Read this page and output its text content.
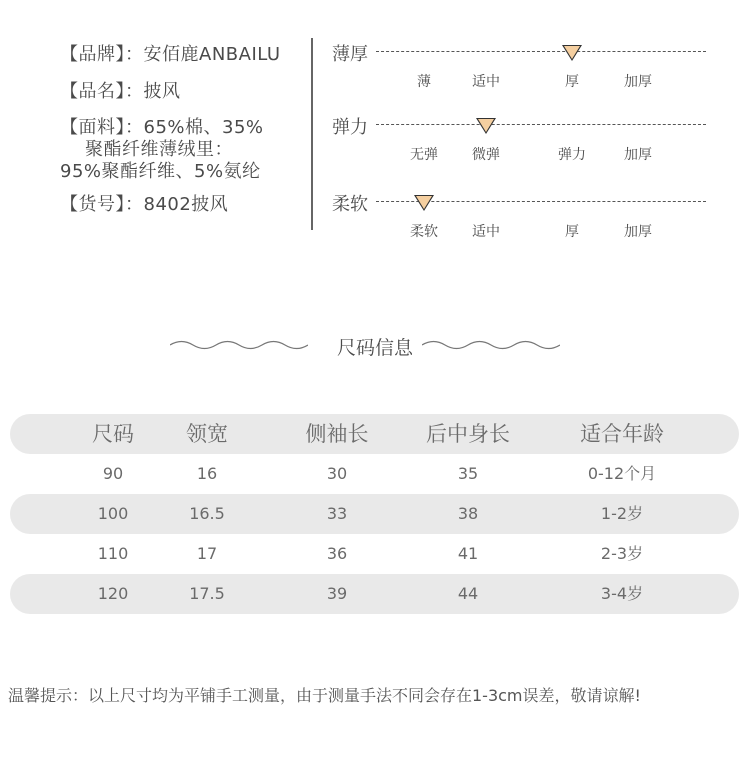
【品牌】：安佰鹿ANBAILU
【品名】：披风
【面料】：65%棉、35%
聚酯纤维薄绒里：
95%聚酯纤维、5%氨纶
【货号】：8402披风
薄厚
薄	适中	厚	加厚
弹力
无弹 微弹	弹力	加厚
柔软
柔软 适中	厚	加厚
尺码信息
尺码 领宽	侧袖长	后中身长	适合年龄
90	16	30	35	0-12个月
100	16.5	33	38	1-2岁
110	17	36	41	2-3岁
120	17.5	39	44	3-4岁
温馨提示：以上尺寸均为平铺手工测量，由于测量手法不同会存在1-3cm误差，敬请谅解!
